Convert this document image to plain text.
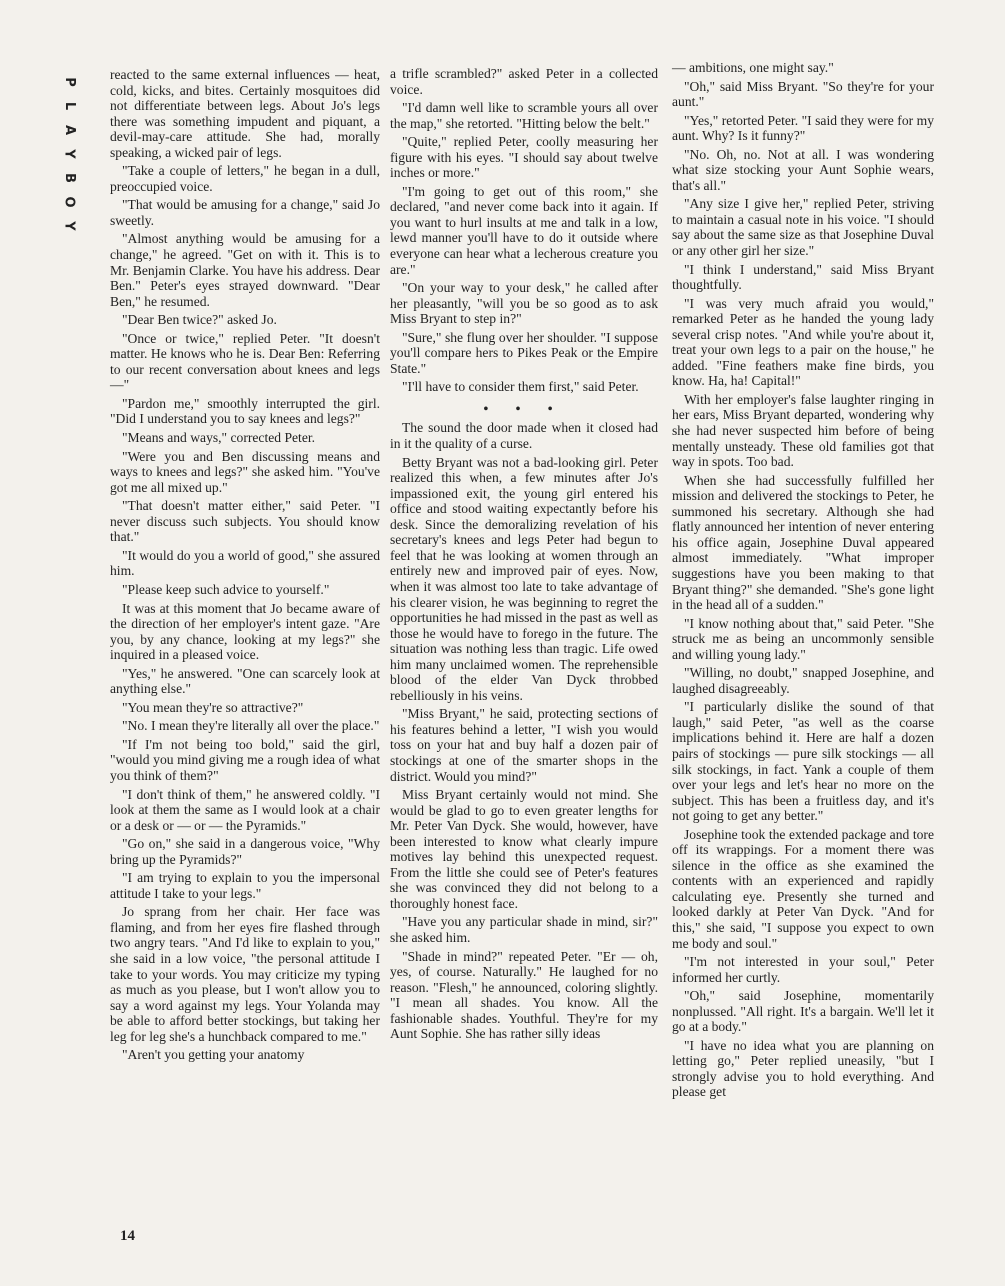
P
L
A
Y
B
O
Y

reacted to the same external influences — heat, cold, kicks, and bites. Certainly mosquitoes did not differentiate between legs. About Jo's legs there was something impudent and piquant, a devil-may-care attitude. She had, morally speaking, a wicked pair of legs.

"Take a couple of letters," he began in a dull, preoccupied voice.

"That would be amusing for a change," said Jo sweetly.

"Almost anything would be amusing for a change," he agreed. "Get on with it. This is to Mr. Benjamin Clarke. You have his address. Dear Ben." Peter's eyes strayed downward. "Dear Ben," he resumed.

"Dear Ben twice?" asked Jo.

"Once or twice," replied Peter. "It doesn't matter. He knows who he is. Dear Ben: Referring to our recent conversation about knees and legs—"

"Pardon me," smoothly interrupted the girl. "Did I understand you to say knees and legs?"

"Means and ways," corrected Peter.

"Were you and Ben discussing means and ways to knees and legs?" she asked him. "You've got me all mixed up."

"That doesn't matter either," said Peter. "I never discuss such subjects. You should know that."

"It would do you a world of good," she assured him.

"Please keep such advice to yourself."

It was at this moment that Jo became aware of the direction of her employer's intent gaze. "Are you, by any chance, looking at my legs?" she inquired in a pleased voice.

"Yes," he answered. "One can scarcely look at anything else."

"You mean they're so attractive?"

"No. I mean they're literally all over the place."

"If I'm not being too bold," said the girl, "would you mind giving me a rough idea of what you think of them?"

"I don't think of them," he answered coldly. "I look at them the same as I would look at a chair or a desk or — or — the Pyramids."

"Go on," she said in a dangerous voice, "Why bring up the Pyramids?"

"I am trying to explain to you the impersonal attitude I take to your legs."

Jo sprang from her chair. Her face was flaming, and from her eyes fire flashed through two angry tears. "And I'd like to explain to you," she said in a low voice, "the personal attitude I take to your words. You may criticize my typing as much as you please, but I won't allow you to say a word against my legs. Your Yolanda may be able to afford better stockings, but taking her leg for leg she's a hunchback compared to me."

"Aren't you getting your anatomy

a trifle scrambled?" asked Peter in a collected voice.

"I'd damn well like to scramble yours all over the map," she retorted. "Hitting below the belt."

"Quite," replied Peter, coolly measuring her figure with his eyes. "I should say about twelve inches or more."

"I'm going to get out of this room," she declared, "and never come back into it again. If you want to hurl insults at me and talk in a low, lewd manner you'll have to do it outside where everyone can hear what a lecherous creature you are."

"On your way to your desk," he called after her pleasantly, "will you be so good as to ask Miss Bryant to step in?"

"Sure," she flung over her shoulder. "I suppose you'll compare hers to Pikes Peak or the Empire State."

"I'll have to consider them first," said Peter.

• • •

The sound the door made when it closed had in it the quality of a curse.

Betty Bryant was not a bad-looking girl. Peter realized this when, a few minutes after Jo's impassioned exit, the young girl entered his office and stood waiting expectantly before his desk. Since the demoralizing revelation of his secretary's knees and legs Peter had begun to feel that he was looking at women through an entirely new and improved pair of eyes. Now, when it was almost too late to take advantage of his clearer vision, he was beginning to regret the opportunities he had missed in the past as well as those he would have to forego in the future. The situation was nothing less than tragic. Life owed him many unclaimed women. The reprehensible blood of the elder Van Dyck throbbed rebelliously in his veins.

"Miss Bryant," he said, protecting sections of his features behind a letter, "I wish you would toss on your hat and buy half a dozen pair of stockings at one of the smarter shops in the district. Would you mind?"

Miss Bryant certainly would not mind. She would be glad to go to even greater lengths for Mr. Peter Van Dyck. She would, however, have been interested to know what clearly impure motives lay behind this unexpected request. From the little she could see of Peter's features she was convinced they did not belong to a thoroughly honest face.

"Have you any particular shade in mind, sir?" she asked him.

"Shade in mind?" repeated Peter. "Er — oh, yes, of course. Naturally." He laughed for no reason. "Flesh," he announced, coloring slightly. "I mean all shades. You know. All the fashionable shades. Youthful. They're for my Aunt Sophie. She has rather silly ideas

— ambitions, one might say."

"Oh," said Miss Bryant. "So they're for your aunt."

"Yes," retorted Peter. "I said they were for my aunt. Why? Is it funny?"

"No. Oh, no. Not at all. I was wondering what size stocking your Aunt Sophie wears, that's all."

"Any size I give her," replied Peter, striving to maintain a casual note in his voice. "I should say about the same size as that Josephine Duval or any other girl her size."

"I think I understand," said Miss Bryant thoughtfully.

"I was very much afraid you would," remarked Peter as he handed the young lady several crisp notes. "And while you're about it, treat your own legs to a pair on the house," he added. "Fine feathers make fine birds, you know. Ha, ha! Capital!"

With her employer's false laughter ringing in her ears, Miss Bryant departed, wondering why she had never suspected him before of being mentally unsteady. These old families got that way in spots. Too bad.

When she had successfully fulfilled her mission and delivered the stockings to Peter, he summoned his secretary. Although she had flatly announced her intention of never entering his office again, Josephine Duval appeared almost immediately. "What improper suggestions have you been making to that Bryant thing?" she demanded. "She's gone light in the head all of a sudden."

"I know nothing about that," said Peter. "She struck me as being an uncommonly sensible and willing young lady."

"Willing, no doubt," snapped Josephine, and laughed disagreeably.

"I particularly dislike the sound of that laugh," said Peter, "as well as the coarse implications behind it. Here are half a dozen pairs of stockings — pure silk stockings — all silk stockings, in fact. Yank a couple of them over your legs and let's hear no more on the subject. This has been a fruitless day, and it's not going to get any better."

Josephine took the extended package and tore off its wrappings. For a moment there was silence in the office as she examined the contents with an experienced and rapidly calculating eye. Presently she turned and looked darkly at Peter Van Dyck. "And for this," she said, "I suppose you expect to own me body and soul."

"I'm not interested in your soul," Peter informed her curtly.

"Oh," said Josephine, momentarily nonplussed. "All right. It's a bargain. We'll let it go at a body."

"I have no idea what you are planning on letting go," Peter replied uneasily, "but I strongly advise you to hold everything. And please get

14
